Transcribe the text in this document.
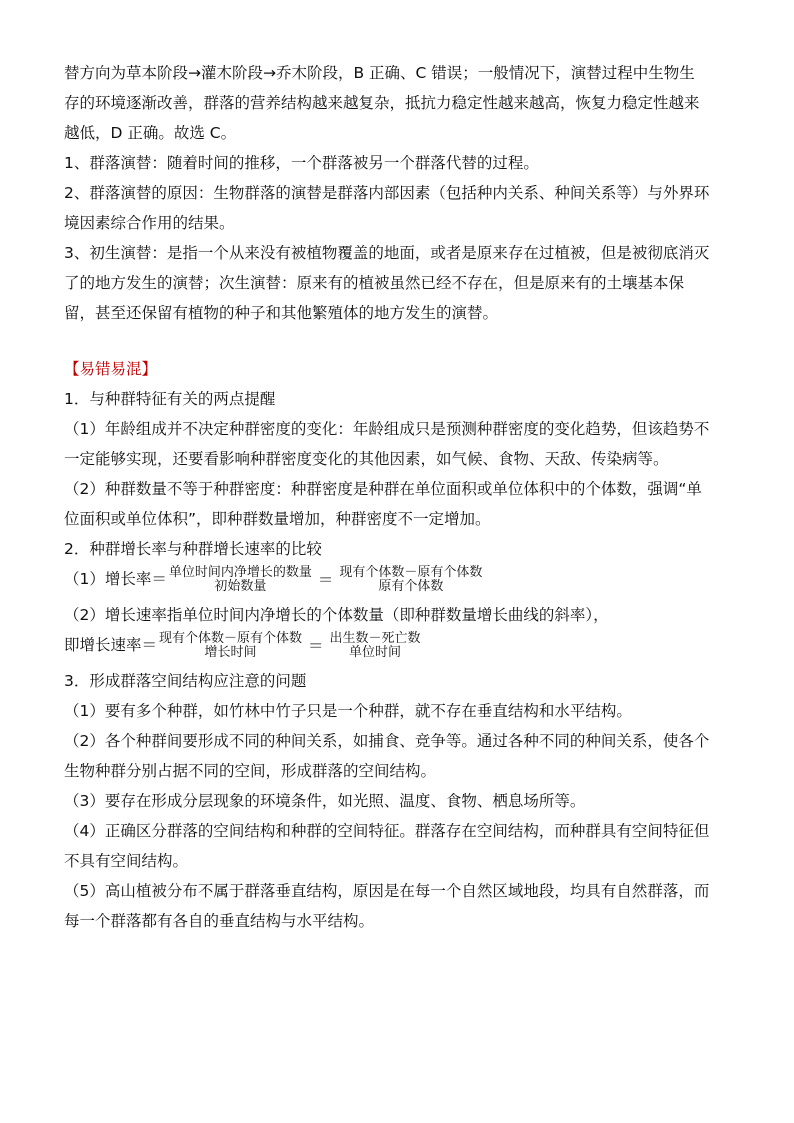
替方向为草本阶段→灌木阶段→乔木阶段，B 正确、C 错误；一般情况下，演替过程中生物生

存的环境逐渐改善，群落的营养结构越来越复杂，抵抗力稳定性越来越高，恢复力稳定性越来

越低，D 正确。故选 C。

1、群落演替：随着时间的推移，一个群落被另一个群落代替的过程。

2、群落演替的原因：生物群落的演替是群落内部因素（包括种内关系、种间关系等）与外界环

境因素综合作用的结果。

3、初生演替：是指一个从来没有被植物覆盖的地面，或者是原来存在过植被，但是被彻底消灭

了的地方发生的演替；次生演替：原来有的植被虽然已经不存在，但是原来有的土壤基本保

留，甚至还保留有植物的种子和其他繁殖体的地方发生的演替。

【易错易混】

1．与种群特征有关的两点提醒

（1）年龄组成并不决定种群密度的变化：年龄组成只是预测种群密度的变化趋势，但该趋势不

一定能够实现，还要看影响种群密度变化的其他因素，如气候、食物、天敌、传染病等。

（2）种群数量不等于种群密度：种群密度是种群在单位面积或单位体积中的个体数，强调“单

位面积或单位体积”，即种群数量增加，种群密度不一定增加。

2．种群增长率与种群增长速率的比较

（1）增长率＝ 单位时间内净增长的数量
初始数量	＝ 现有个体数－原有个体数
原有个体数

（2）增长速率指单位时间内净增长的个体数量（即种群数量增长曲线的斜率），

即增长速率＝ 现有个体数－原有个体数
增长时间	＝ 出生数－死亡数
单位时间

3．形成群落空间结构应注意的问题

（1）要有多个种群，如竹林中竹子只是一个种群，就不存在垂直结构和水平结构。

（2）各个种群间要形成不同的种间关系，如捕食、竞争等。通过各种不同的种间关系，使各个

生物种群分别占据不同的空间，形成群落的空间结构。

（3）要存在形成分层现象的环境条件，如光照、温度、食物、栖息场所等。

（4）正确区分群落的空间结构和种群的空间特征。群落存在空间结构，而种群具有空间特征但

不具有空间结构。

（5）高山植被分布不属于群落垂直结构，原因是在每一个自然区域地段，均具有自然群落，而

每一个群落都有各自的垂直结构与水平结构。
